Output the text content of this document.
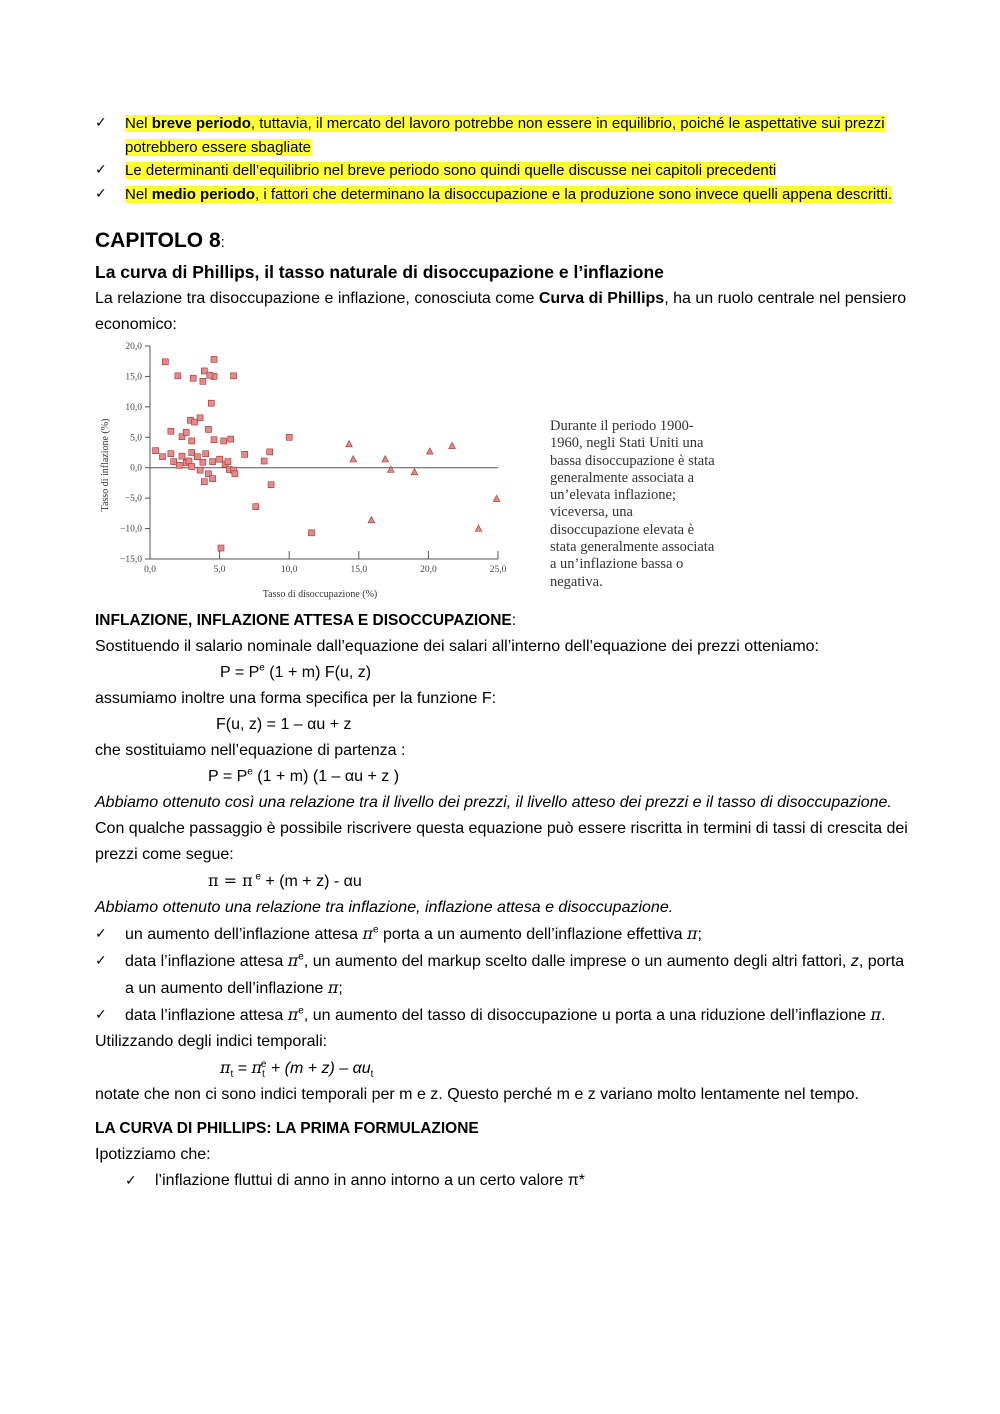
✓	Nel breve periodo, tuttavia, il mercato del lavoro potrebbe non essere in equilibrio, poiché le aspettative sui prezzi potrebbero essere sbagliate
✓	Le determinanti dell’equilibrio nel breve periodo sono quindi quelle discusse nei capitoli precedenti
✓	Nel medio periodo, i fattori che determinano la disoccupazione e la produzione sono invece quelli appena descritti.
CAPITOLO 8:
La curva di Phillips, il tasso naturale di disoccupazione e l’inflazione
La relazione tra disoccupazione e inflazione, conosciuta come Curva di Phillips, ha un ruolo centrale nel pensiero economico:
20,0
15,0
10,0
5,0
0,0
−5,0
−10,0
−15,0
0,0	5,0	10,0	15,0	20,0	25,0
Tasso di disoccupazione (%)
Tasso di inflazione (%)	Durante il periodo 1900-1960, negli Stati Uniti una bassa disoccupazione è stata generalmente associata a un’elevata inflazione; viceversa, una disoccupazione elevata è stata generalmente associata a un’inflazione bassa o negativa.
INFLAZIONE, INFLAZIONE ATTESA E DISOCCUPAZIONE:
Sostituendo il salario nominale dall’equazione dei salari all’interno dell’equazione dei prezzi otteniamo:
$P = P^e$ (1 + m) F(u, z)
assumiamo inoltre una forma specifica per la funzione F:
F(u, z) = 1 – αu + z
che sostituiamo nell’equazione di partenza :
$P = P^e$ (1 + m) (1 – αu + z )
Abbiamo ottenuto così una relazione tra il livello dei prezzi, il livello atteso dei prezzi e il tasso di disoccupazione.
Con qualche passaggio è possibile riscrivere questa equazione può essere riscritta in termini di tassi di crescita dei prezzi come segue:
π = π $^e$ + (m + z) - αu
Abbiamo ottenuto una relazione tra inflazione, inflazione attesa e disoccupazione.
✓	un aumento dell’inflazione attesa $\pi^e$ porta a un aumento dell’inflazione effettiva π;
✓	data l’inflazione attesa $\pi^e$, un aumento del markup scelto dalle imprese o un aumento degli altri fattori, z, porta a un aumento dell’inflazione π;
✓	data l’inflazione attesa $\pi^e$, un aumento del tasso di disoccupazione u porta a una riduzione dell’inflazione π.
Utilizzando degli indici temporali:
$\pi_t = \pi_t^e + (m + z) - \alpha u_t$
notate che non ci sono indici temporali per m e z. Questo perché m e z variano molto lentamente nel tempo.
LA CURVA DI PHILLIPS: LA PRIMA FORMULAZIONE
Ipotizziamo che:
✓	l’inflazione fluttui di anno in anno intorno a un certo valore π*
